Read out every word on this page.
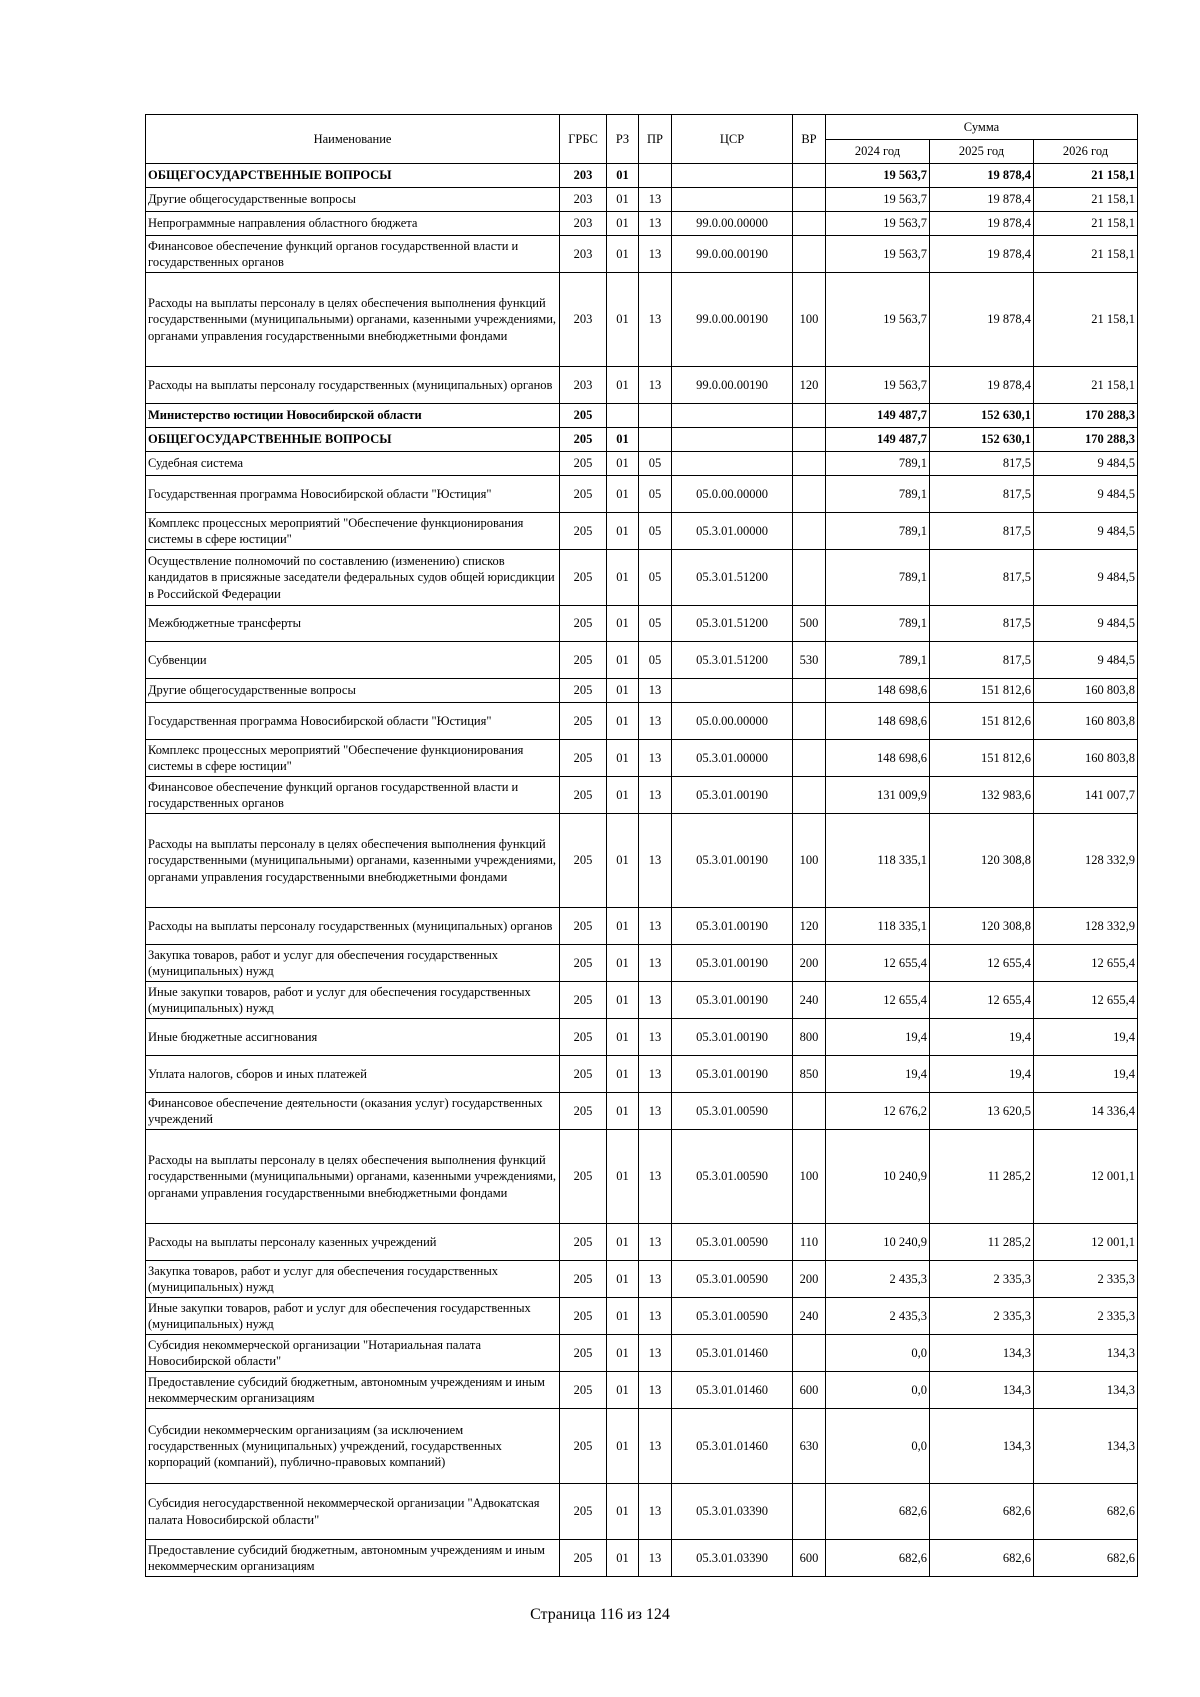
Наименование	ГРБС	РЗ	ПР	ЦСР	ВР	Сумма		
						2024 год	2025 год	2026 год
ОБЩЕГОСУДАРСТВЕННЫЕ ВОПРОСЫ	203	01				19 563,7	19 878,4	21 158,1
Другие общегосударственные вопросы	203	01	13			19 563,7	19 878,4	21 158,1
Непрограммные направления областного бюджета	203	01	13	99.0.00.00000		19 563,7	19 878,4	21 158,1
Финансовое обеспечение функций органов государственной власти и государственных органов	203	01	13	99.0.00.00190		19 563,7	19 878,4	21 158,1
Расходы на выплаты персоналу в целях обеспечения выполнения функций государственными (муниципальными) органами, казенными учреждениями, органами управления государственными внебюджетными фондами	203	01	13	99.0.00.00190	100	19 563,7	19 878,4	21 158,1
Расходы на выплаты персоналу государственных (муниципальных) органов	203	01	13	99.0.00.00190	120	19 563,7	19 878,4	21 158,1
Министерство юстиции Новосибирской области	205					149 487,7	152 630,1	170 288,3
ОБЩЕГОСУДАРСТВЕННЫЕ ВОПРОСЫ	205	01				149 487,7	152 630,1	170 288,3
Судебная система	205	01	05			789,1	817,5	9 484,5
Государственная программа Новосибирской области "Юстиция"	205	01	05	05.0.00.00000		789,1	817,5	9 484,5
Комплекс процессных мероприятий "Обеспечение функционирования системы в сфере юстиции"	205	01	05	05.3.01.00000		789,1	817,5	9 484,5
Осуществление полномочий по составлению (изменению) списков кандидатов в присяжные заседатели федеральных судов общей юрисдикции в Российской Федерации	205	01	05	05.3.01.51200		789,1	817,5	9 484,5
Межбюджетные трансферты	205	01	05	05.3.01.51200	500	789,1	817,5	9 484,5
Субвенции	205	01	05	05.3.01.51200	530	789,1	817,5	9 484,5
Другие общегосударственные вопросы	205	01	13			148 698,6	151 812,6	160 803,8
Государственная программа Новосибирской области "Юстиция"	205	01	13	05.0.00.00000		148 698,6	151 812,6	160 803,8
Комплекс процессных мероприятий "Обеспечение функционирования системы в сфере юстиции"	205	01	13	05.3.01.00000		148 698,6	151 812,6	160 803,8
Финансовое обеспечение функций органов государственной власти и государственных органов	205	01	13	05.3.01.00190		131 009,9	132 983,6	141 007,7
Расходы на выплаты персоналу в целях обеспечения выполнения функций государственными (муниципальными) органами, казенными учреждениями, органами управления государственными внебюджетными фондами	205	01	13	05.3.01.00190	100	118 335,1	120 308,8	128 332,9
Расходы на выплаты персоналу государственных (муниципальных) органов	205	01	13	05.3.01.00190	120	118 335,1	120 308,8	128 332,9
Закупка товаров, работ и услуг для обеспечения государственных (муниципальных) нужд	205	01	13	05.3.01.00190	200	12 655,4	12 655,4	12 655,4
Иные закупки товаров, работ и услуг для обеспечения государственных (муниципальных) нужд	205	01	13	05.3.01.00190	240	12 655,4	12 655,4	12 655,4
Иные бюджетные ассигнования	205	01	13	05.3.01.00190	800	19,4	19,4	19,4
Уплата налогов, сборов и иных платежей	205	01	13	05.3.01.00190	850	19,4	19,4	19,4
Финансовое обеспечение деятельности (оказания услуг) государственных учреждений	205	01	13	05.3.01.00590		12 676,2	13 620,5	14 336,4
Расходы на выплаты персоналу в целях обеспечения выполнения функций государственными (муниципальными) органами, казенными учреждениями, органами управления государственными внебюджетными фондами	205	01	13	05.3.01.00590	100	10 240,9	11 285,2	12 001,1
Расходы на выплаты персоналу казенных учреждений	205	01	13	05.3.01.00590	110	10 240,9	11 285,2	12 001,1
Закупка товаров, работ и услуг для обеспечения государственных (муниципальных) нужд	205	01	13	05.3.01.00590	200	2 435,3	2 335,3	2 335,3
Иные закупки товаров, работ и услуг для обеспечения государственных (муниципальных) нужд	205	01	13	05.3.01.00590	240	2 435,3	2 335,3	2 335,3
Субсидия некоммерческой организации "Нотариальная палата Новосибирской области"	205	01	13	05.3.01.01460		0,0	134,3	134,3
Предоставление субсидий бюджетным, автономным учреждениям и иным некоммерческим организациям	205	01	13	05.3.01.01460	600	0,0	134,3	134,3
Субсидии некоммерческим организациям (за исключением государственных (муниципальных) учреждений, государственных корпораций (компаний), публично-правовых компаний)	205	01	13	05.3.01.01460	630	0,0	134,3	134,3
Субсидия негосударственной некоммерческой организации "Адвокатская палата Новосибирской области"	205	01	13	05.3.01.03390		682,6	682,6	682,6
Предоставление субсидий бюджетным, автономным учреждениям и иным некоммерческим организациям	205	01	13	05.3.01.03390	600	682,6	682,6	682,6
Страница 116 из 124
